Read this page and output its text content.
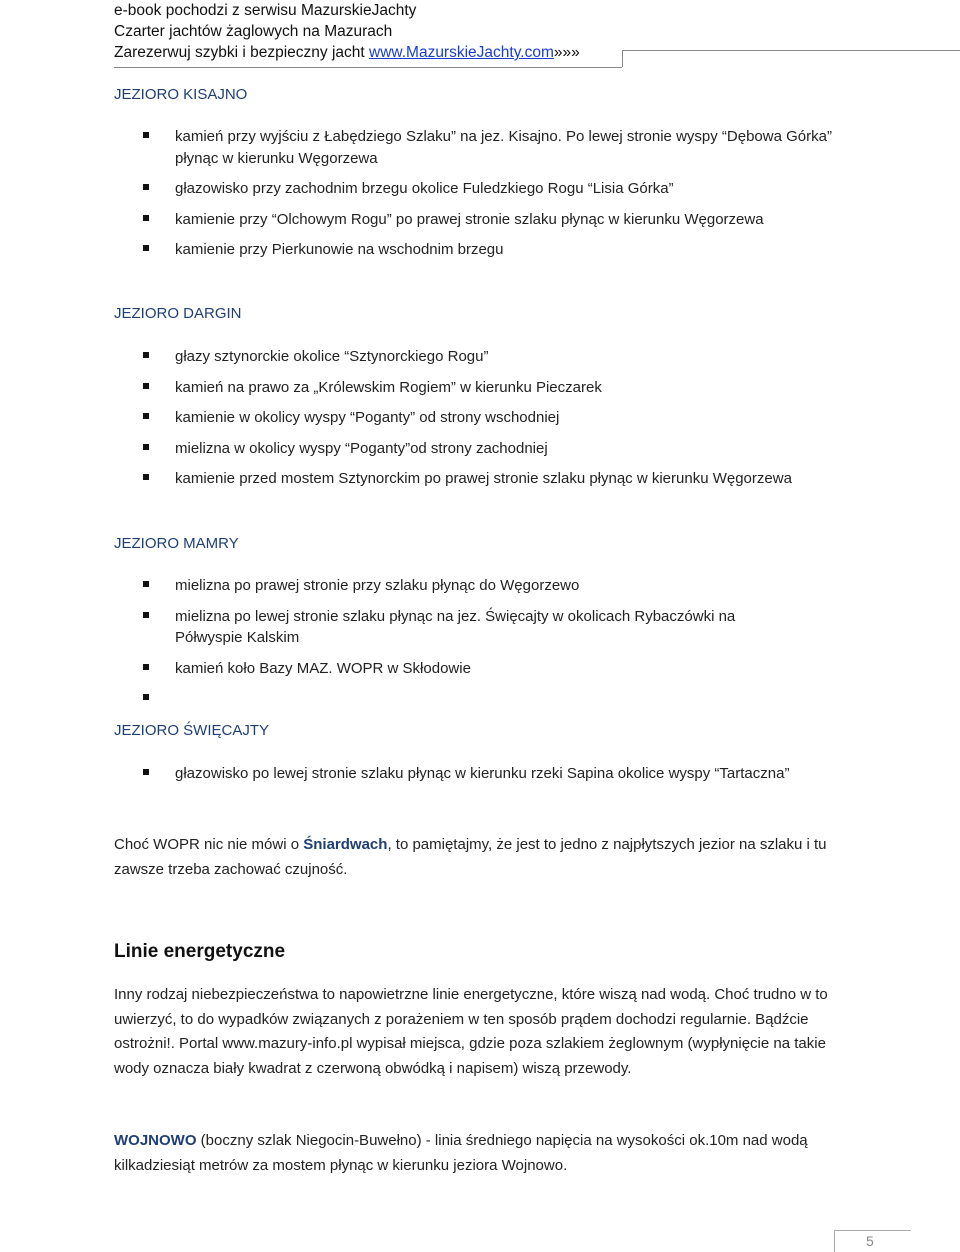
e-book pochodzi z serwisu MazurskieJachty
Czarter jachtów żaglowych na Mazurach
Zarezerwuj szybki i bezpieczny jacht www.MazurskieJachty.com»»»
JEZIORO KISAJNO
kamień przy wyjściu z Łabędziego Szlaku” na jez. Kisajno. Po lewej stronie wyspy “Dębowa Górka” płynąc w kierunku Węgorzewa
głazowisko przy zachodnim brzegu okolice Fuledzkiego Rogu “Lisia Górka”
kamienie przy “Olchowym Rogu” po prawej stronie szlaku płynąc w kierunku Węgorzewa
kamienie przy Pierkunowie na wschodnim brzegu
JEZIORO DARGIN
głazy sztynorckie okolice “Sztynorckiego Rogu”
kamień na prawo za „Królewskim Rogiem” w kierunku Pieczarek
kamienie w okolicy wyspy “Poganty” od strony wschodniej
mielizna w okolicy wyspy “Poganty”od strony zachodniej
kamienie przed mostem Sztynorckim po prawej stronie szlaku płynąc w kierunku Węgorzewa
JEZIORO MAMRY
mielizna po prawej stronie przy szlaku płynąc do Węgorzewo
mielizna po lewej stronie szlaku płynąc na jez. Święcajty w okolicach Rybaczówki na Półwyspie Kalskim
kamień koło Bazy MAZ. WOPR w Skłodowie
JEZIORO ŚWIĘCAJTY
głazowisko po lewej stronie szlaku płynąc w kierunku rzeki Sapina okolice wyspy “Tartaczna”
Choć WOPR nic nie mówi o Śniardwach, to pamiętajmy, że jest to jedno z najpłytszych jezior na szlaku i tu zawsze trzeba zachować czujność.
Linie energetyczne
Inny rodzaj niebezpieczeństwa to napowietrzne linie energetyczne, które wiszą nad wodą. Choć trudno w to uwierzyć, to do wypadków związanych z porażeniem w ten sposób prądem dochodzi regularnie. Bądźcie ostrożni!. Portal www.mazury-info.pl wypisał miejsca, gdzie poza szlakiem żeglownym (wypłynięcie na takie wody oznacza biały kwadrat z czerwoną obwódką i napisem) wiszą przewody.
WOJNOWO (boczny szlak Niegocin-Buwełno) - linia średniego napięcia na wysokości ok.10m nad wodą kilkadziesiąt metrów za mostem płynąc w kierunku jeziora Wojnowo.
5
